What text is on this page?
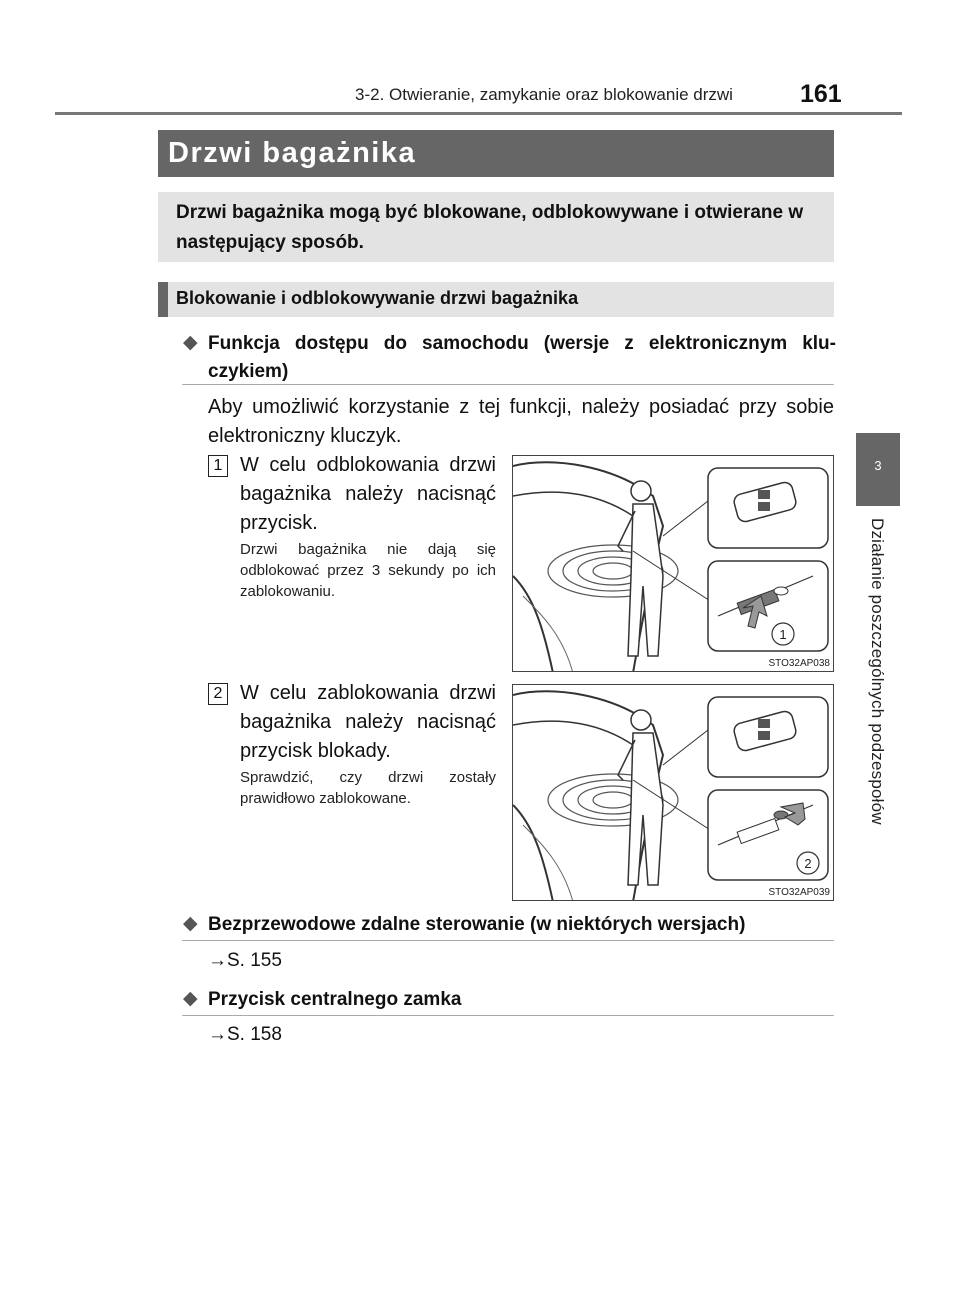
3-2. Otwieranie, zamykanie oraz blokowanie drzwi	161
3
Działanie poszczególnych podzespołów
Drzwi bagażnika
Drzwi bagażnika mogą być blokowane, odblokowywane i otwierane w następujący sposób.
Blokowanie i odblokowywanie drzwi bagażnika
◆ Funkcja dostępu do samochodu (wersje z elektronicznym klu-
czykiem)
Aby umożliwić korzystanie z tej funkcji, należy posiadać przy sobie elektroniczny kluczyk.
1 W celu odblokowania drzwi bagażnika należy nacisnąć przycisk.
Drzwi bagażnika nie dają się odblokować przez 3 sekundy po ich zablokowaniu.
1
STO32AP038
2 W celu zablokowania drzwi bagażnika należy nacisnąć przycisk blokady.
Sprawdzić, czy drzwi zostały prawidłowo zablokowane.
2
STO32AP039
◆ Bezprzewodowe zdalne sterowanie (w niektórych wersjach)
→S. 155
◆ Przycisk centralnego zamka
→S. 158
